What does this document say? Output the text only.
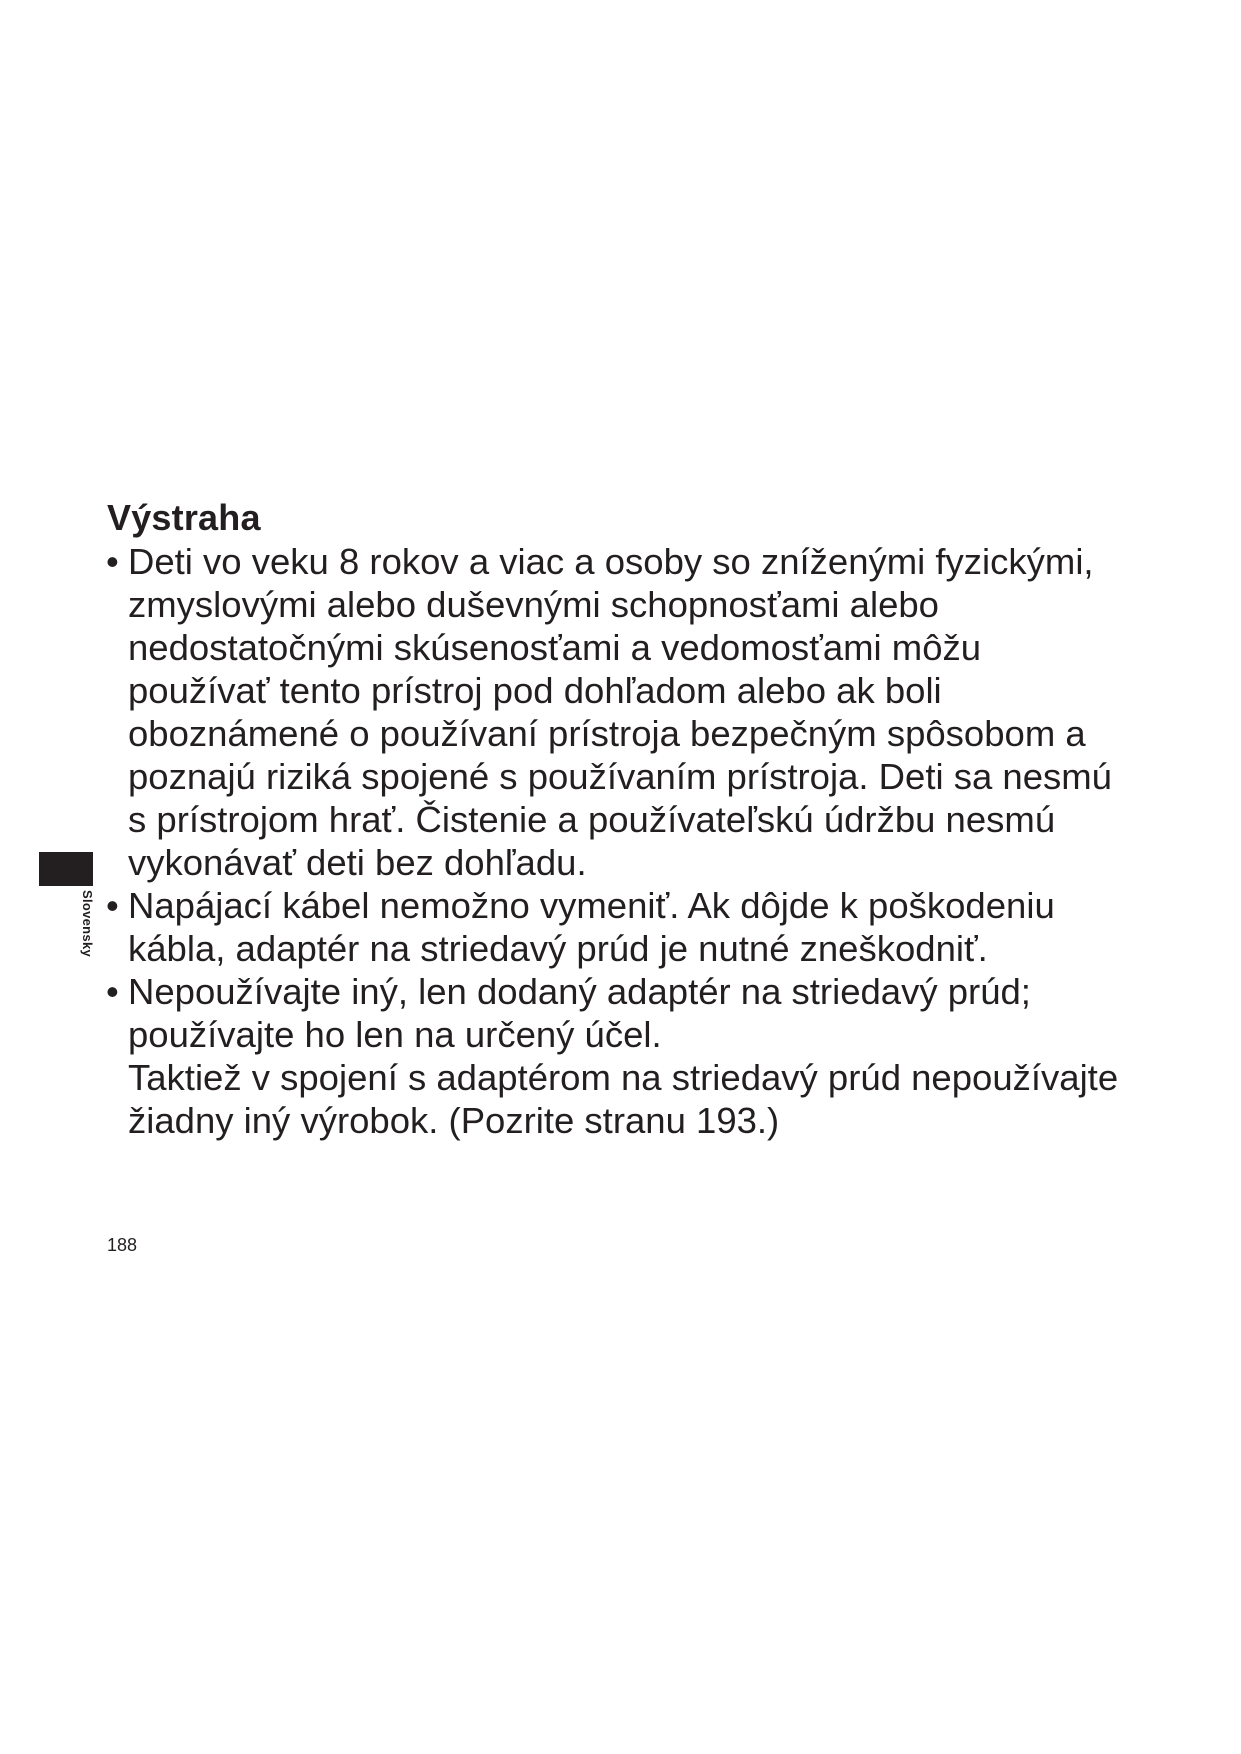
Výstraha
• Deti vo veku 8 rokov a viac a osoby so zníženými fyzickými,
zmyslovými alebo duševnými schopnosťami alebo
nedostatočnými skúsenosťami a vedomosťami môžu
používať tento prístroj pod dohľadom alebo ak boli
oboznámené o používaní prístroja bezpečným spôsobom a
poznajú riziká spojené s používaním prístroja. Deti sa nesmú
s prístrojom hrať. Čistenie a používateľskú údržbu nesmú
vykonávať deti bez dohľadu.
• Napájací kábel nemožno vymeniť. Ak dôjde k poškodeniu
kábla, adaptér na striedavý prúd je nutné zneškodniť.
• Nepoužívajte iný, len dodaný adaptér na striedavý prúd;
používajte ho len na určený účel.
Taktiež v spojení s adaptérom na striedavý prúd nepoužívajte
žiadny iný výrobok. (Pozrite stranu 193.)
Slovensky
188
